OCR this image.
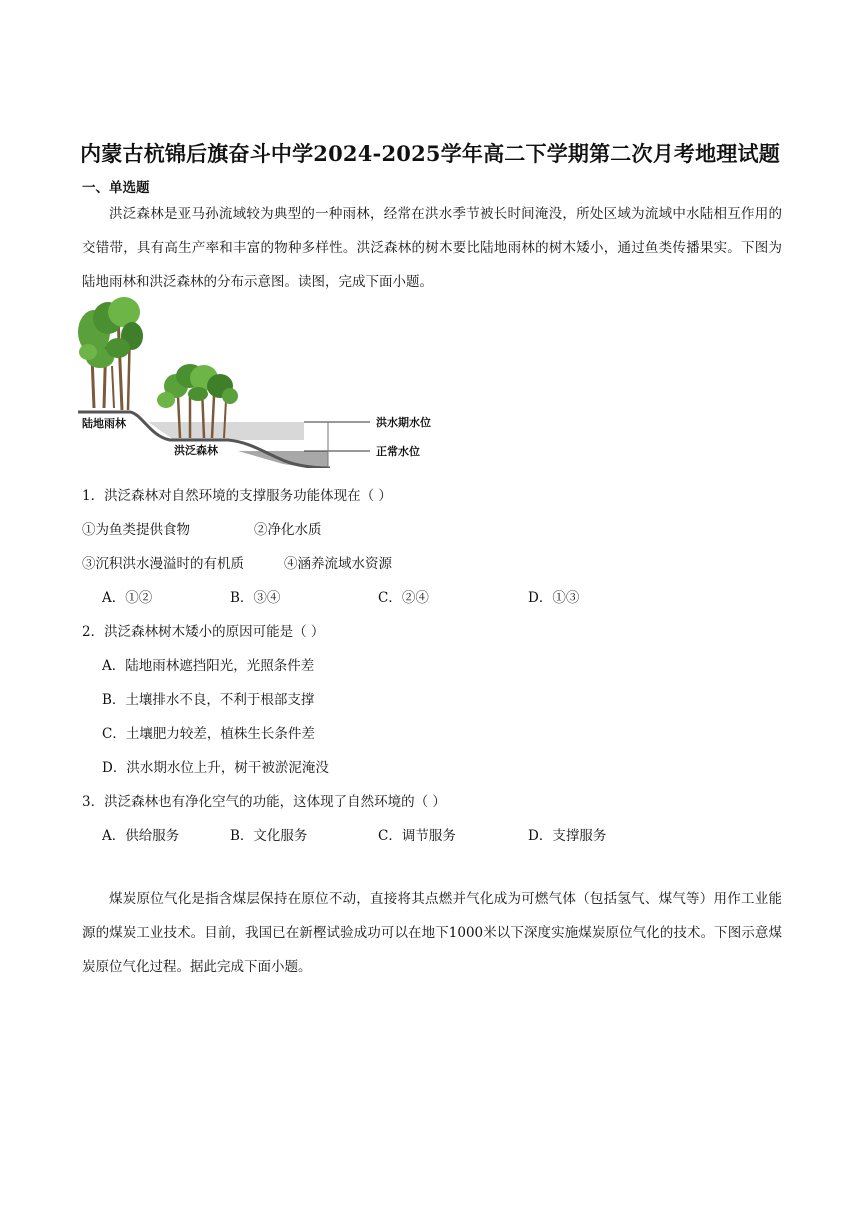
内蒙古杭锦后旗奋斗中学2024-2025学年高二下学期第二次月考地理试题
一、单选题
洪泛森林是亚马孙流域较为典型的一种雨林，经常在洪水季节被长时间淹没，所处区域为流域中水陆相互作用的交错带，具有高生产率和丰富的物种多样性。洪泛森林的树木要比陆地雨林的树木矮小，通过鱼类传播果实。下图为陆地雨林和洪泛森林的分布示意图。读图，完成下面小题。
陆地雨林
洪泛森林
洪水期水位
正常水位
1．洪泛森林对自然环境的支撑服务功能体现在（ ）
①为鱼类提供食物	②净化水质
③沉积洪水漫溢时的有机质	④涵养流域水资源
A．①②	B．③④	C．②④	D．①③
2．洪泛森林树木矮小的原因可能是（ ）
A．陆地雨林遮挡阳光，光照条件差
B．土壤排水不良，不利于根部支撑
C．土壤肥力较差，植株生长条件差
D．洪水期水位上升，树干被淤泥淹没
3．洪泛森林也有净化空气的功能，这体现了自然环境的（ ）
A．供给服务	B．文化服务	C．调节服务	D．支撑服务
煤炭原位气化是指含煤层保持在原位不动，直接将其点燃并气化成为可燃气体（包括氢气、煤气等）用作工业能源的煤炭工业技术。目前，我国已在新樫试验成功可以在地下1000米以下深度实施煤炭原位气化的技术。下图示意煤炭原位气化过程。据此完成下面小题。
